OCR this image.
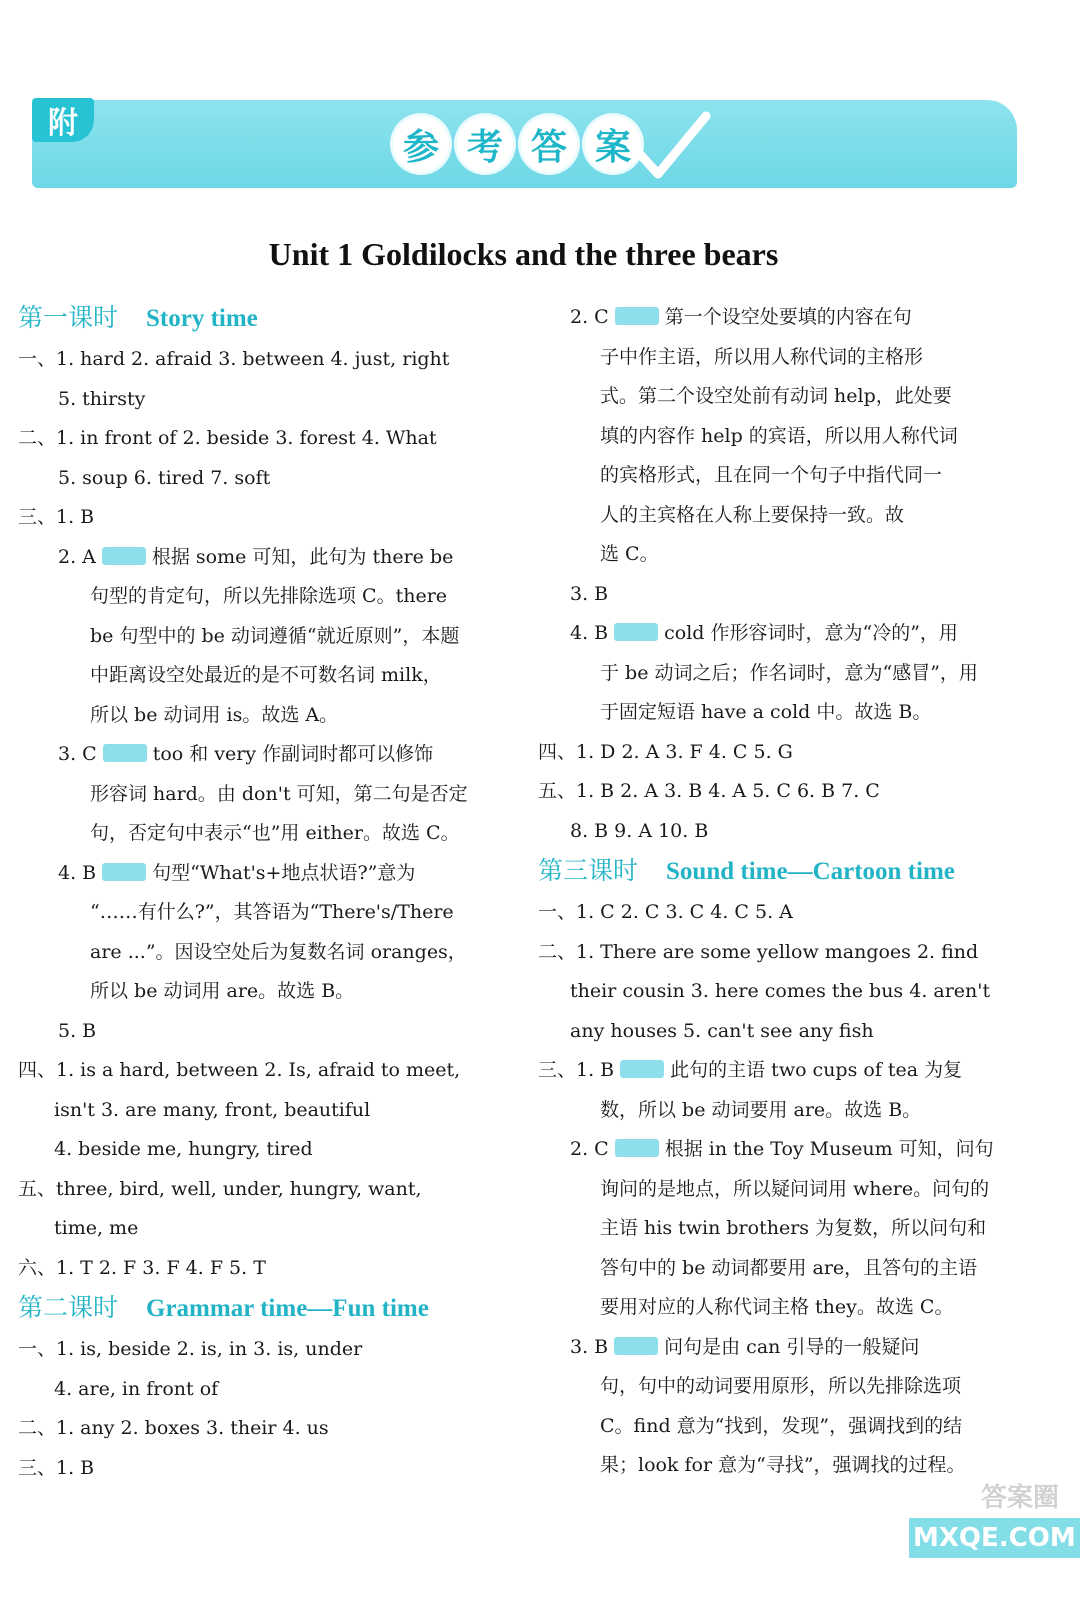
附
参 考 答 案
Unit 1 Goldilocks and the three bears
第一课时 Story time
一、1. hard 2. afraid 3. between 4. just, right
5. thirsty
二、1. in front of 2. beside 3. forest 4. What
5. soup 6. tired 7. soft
三、1. B
2. A	根据 some 可知，此句为 there be
句型的肯定句，所以先排除选项 C。there
be 句型中的 be 动词遵循“就近原则”，本题
中距离设空处最近的是不可数名词 milk，
所以 be 动词用 is。故选 A。
3. C	too 和 very 作副词时都可以修饰
形容词 hard。由 don't 可知，第二句是否定
句，否定句中表示“也”用 either。故选 C。
4. B	句型“What's+地点状语?”意为
“……有什么?”，其答语为“There's/There
are ...”。因设空处后为复数名词 oranges，
所以 be 动词用 are。故选 B。
5. B
四、1. is a hard, between 2. Is, afraid to meet,
isn't 3. are many, front, beautiful
4. beside me, hungry, tired
五、three, bird, well, under, hungry, want,
time, me
六、1. T 2. F 3. F 4. F 5. T
第二课时 Grammar time—Fun time
一、1. is, beside 2. is, in 3. is, under
4. are, in front of
二、1. any 2. boxes 3. their 4. us
三、1. B
2. C	第一个设空处要填的内容在句
子中作主语，所以用人称代词的主格形
式。第二个设空处前有动词 help，此处要
填的内容作 help 的宾语，所以用人称代词
的宾格形式，且在同一个句子中指代同一
人的主宾格在人称上要保持一致。故
选 C。
3. B
4. B	cold 作形容词时，意为“冷的”，用
于 be 动词之后；作名词时，意为“感冒”，用
于固定短语 have a cold 中。故选 B。
四、1. D 2. A 3. F 4. C 5. G
五、1. B 2. A 3. B 4. A 5. C 6. B 7. C
8. B 9. A 10. B
第三课时 Sound time—Cartoon time
一、1. C 2. C 3. C 4. C 5. A
二、1. There are some yellow mangoes 2. find
their cousin 3. here comes the bus 4. aren't
any houses 5. can't see any fish
三、1. B	此句的主语 two cups of tea 为复
数，所以 be 动词要用 are。故选 B。
2. C	根据 in the Toy Museum 可知，问句
询问的是地点，所以疑问词用 where。问句的
主语 his twin brothers 为复数，所以问句和
答句中的 be 动词都要用 are，且答句的主语
要用对应的人称代词主格 they。故选 C。
3. B	问句是由 can 引导的一般疑问
句，句中的动词要用原形，所以先排除选项
C。find 意为“找到，发现”，强调找到的结
果；look for 意为“寻找”，强调找的过程。
答案圈
MXQE.COM
